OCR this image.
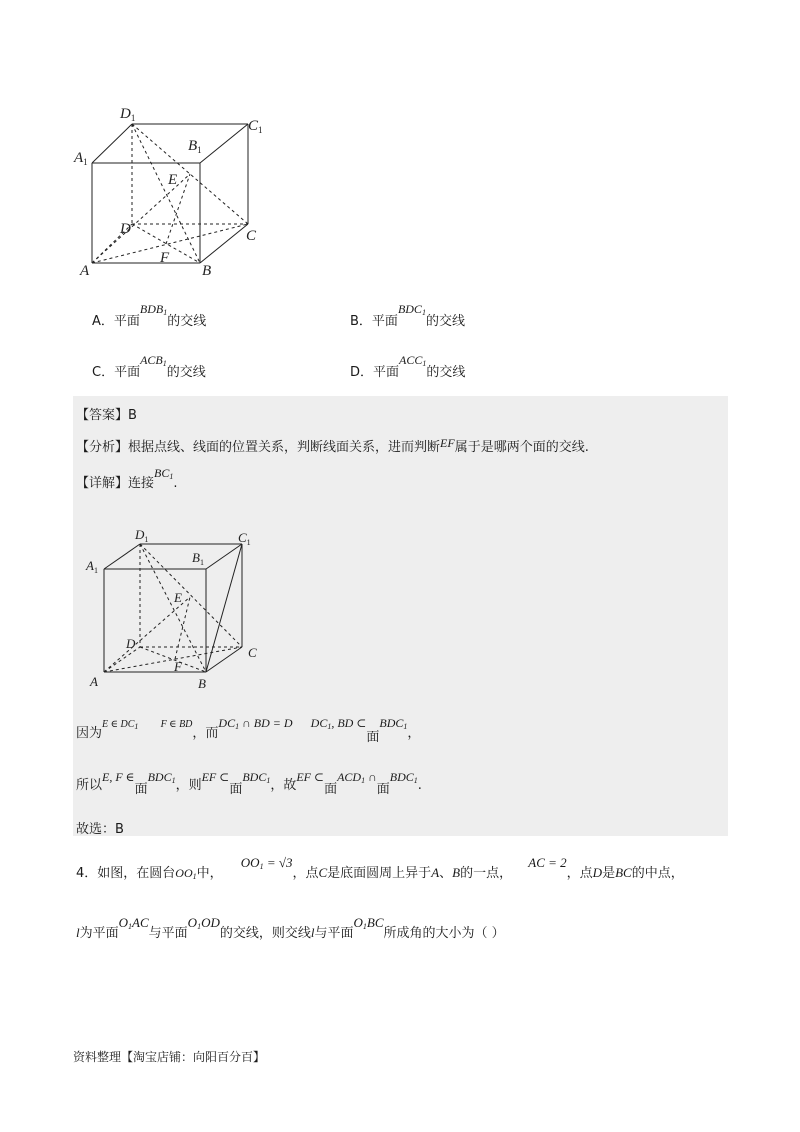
$D_1$	$C_1$
$B_1$
$A_1$
E
D	C
F
A	B
A．平面BDB1的交线	B．平面BDC1的交线
C．平面ACB1的交线	D．平面ACC1的交线
【答案】B
【分析】根据点线、线面的位置关系，判断线面关系，进而判断EF属于是哪两个面的交线.
【详解】连接BC1.
$D_1$	$C_1$
$B_1$
$A_1$
E
D
C
F
A	B
因为$^{E \in DC_1}$ $^{F \in BD}$，而DC1 ∩ BD = D DC1, BD ⊂面BDC1，
所以E, F ∈面BDC1，则EF ⊂面BDC1，故EF ⊂面ACD1 ∩面BDC1.
故选：B
4．如图，在圆台OO1中， OO1 = √3，点C是底面圆周上异于A、B的一点， AC = 2，点D是BC的中点，
l为平面O1AC与平面O1OD的交线，则交线l与平面O1BC所成角的大小为（ ）
资料整理【淘宝店铺：向阳百分百】
